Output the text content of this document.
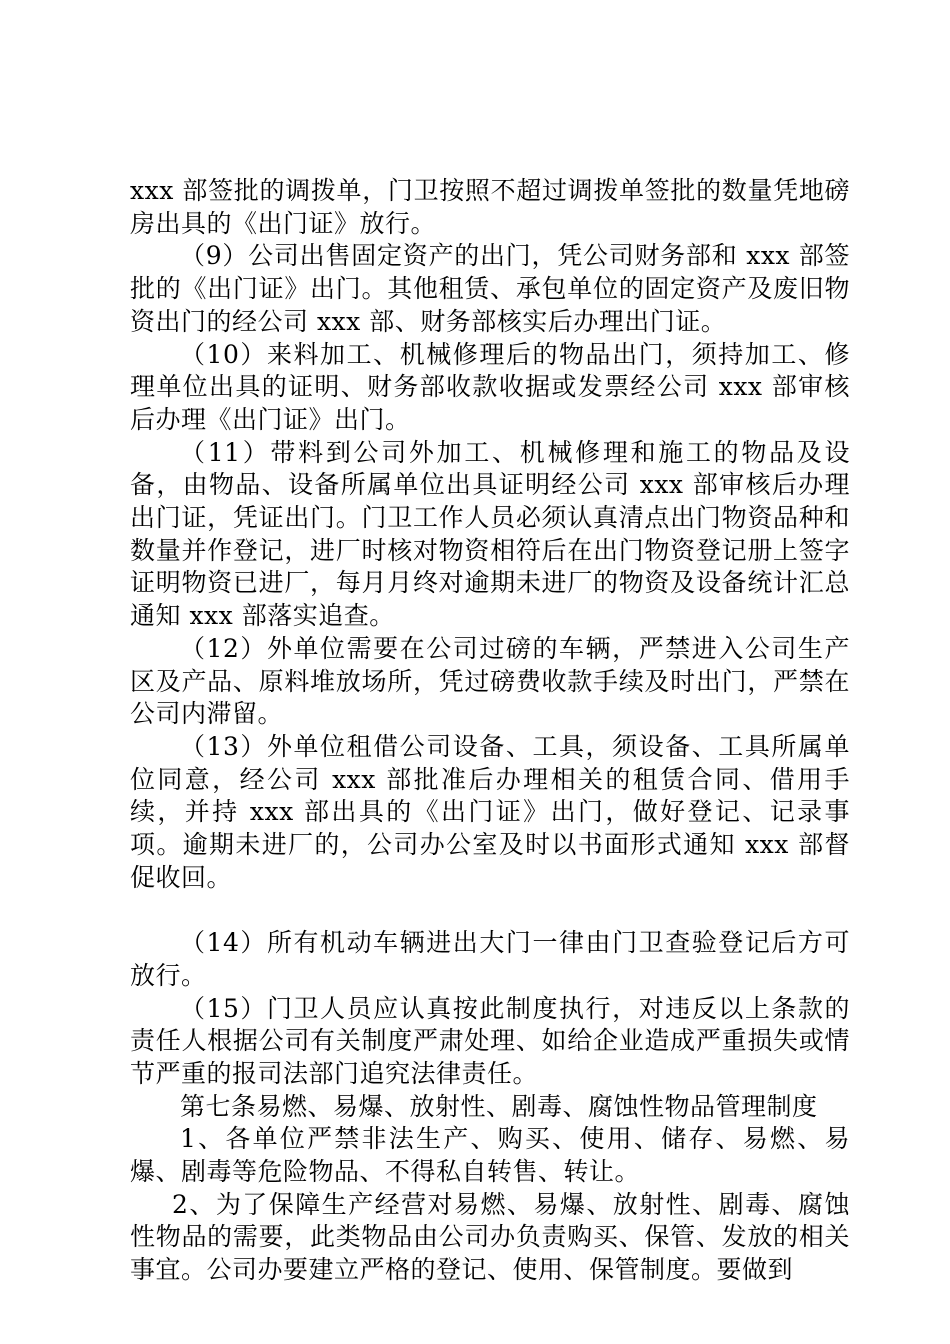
xxx 部签批的调拨单，门卫按照不超过调拨单签批的数量凭地磅房出具的《出门证》放行。

（9）公司出售固定资产的出门，凭公司财务部和 xxx 部签批的《出门证》出门。其他租赁、承包单位的固定资产及废旧物资出门的经公司 xxx 部、财务部核实后办理出门证。

（10）来料加工、机械修理后的物品出门，须持加工、修理单位出具的证明、财务部收款收据或发票经公司 xxx 部审核后办理《出门证》出门。

（11）带料到公司外加工、机械修理和施工的物品及设备，由物品、设备所属单位出具证明经公司 xxx 部审核后办理出门证，凭证出门。门卫工作人员必须认真清点出门物资品种和数量并作登记，进厂时核对物资相符后在出门物资登记册上签字证明物资已进厂，每月月终对逾期未进厂的物资及设备统计汇总通知 xxx 部落实追查。

（12）外单位需要在公司过磅的车辆，严禁进入公司生产区及产品、原料堆放场所，凭过磅费收款手续及时出门，严禁在公司内滞留。

（13）外单位租借公司设备、工具，须设备、工具所属单位同意，经公司 xxx 部批准后办理相关的租赁合同、借用手续，并持 xxx 部出具的《出门证》出门，做好登记、记录事项。逾期未进厂的，公司办公室及时以书面形式通知 xxx 部督促收回。

（14）所有机动车辆进出大门一律由门卫查验登记后方可放行。

（15）门卫人员应认真按此制度执行，对违反以上条款的责任人根据公司有关制度严肃处理、如给企业造成严重损失或情节严重的报司法部门追究法律责任。

第七条易燃、易爆、放射性、剧毒、腐蚀性物品管理制度

1、各单位严禁非法生产、购买、使用、储存、易燃、易爆、剧毒等危险物品、不得私自转售、转让。

2、为了保障生产经营对易燃、易爆、放射性、剧毒、腐蚀性物品的需要，此类物品由公司办负责购买、保管、发放的相关事宜。公司办要建立严格的登记、使用、保管制度。要做到
